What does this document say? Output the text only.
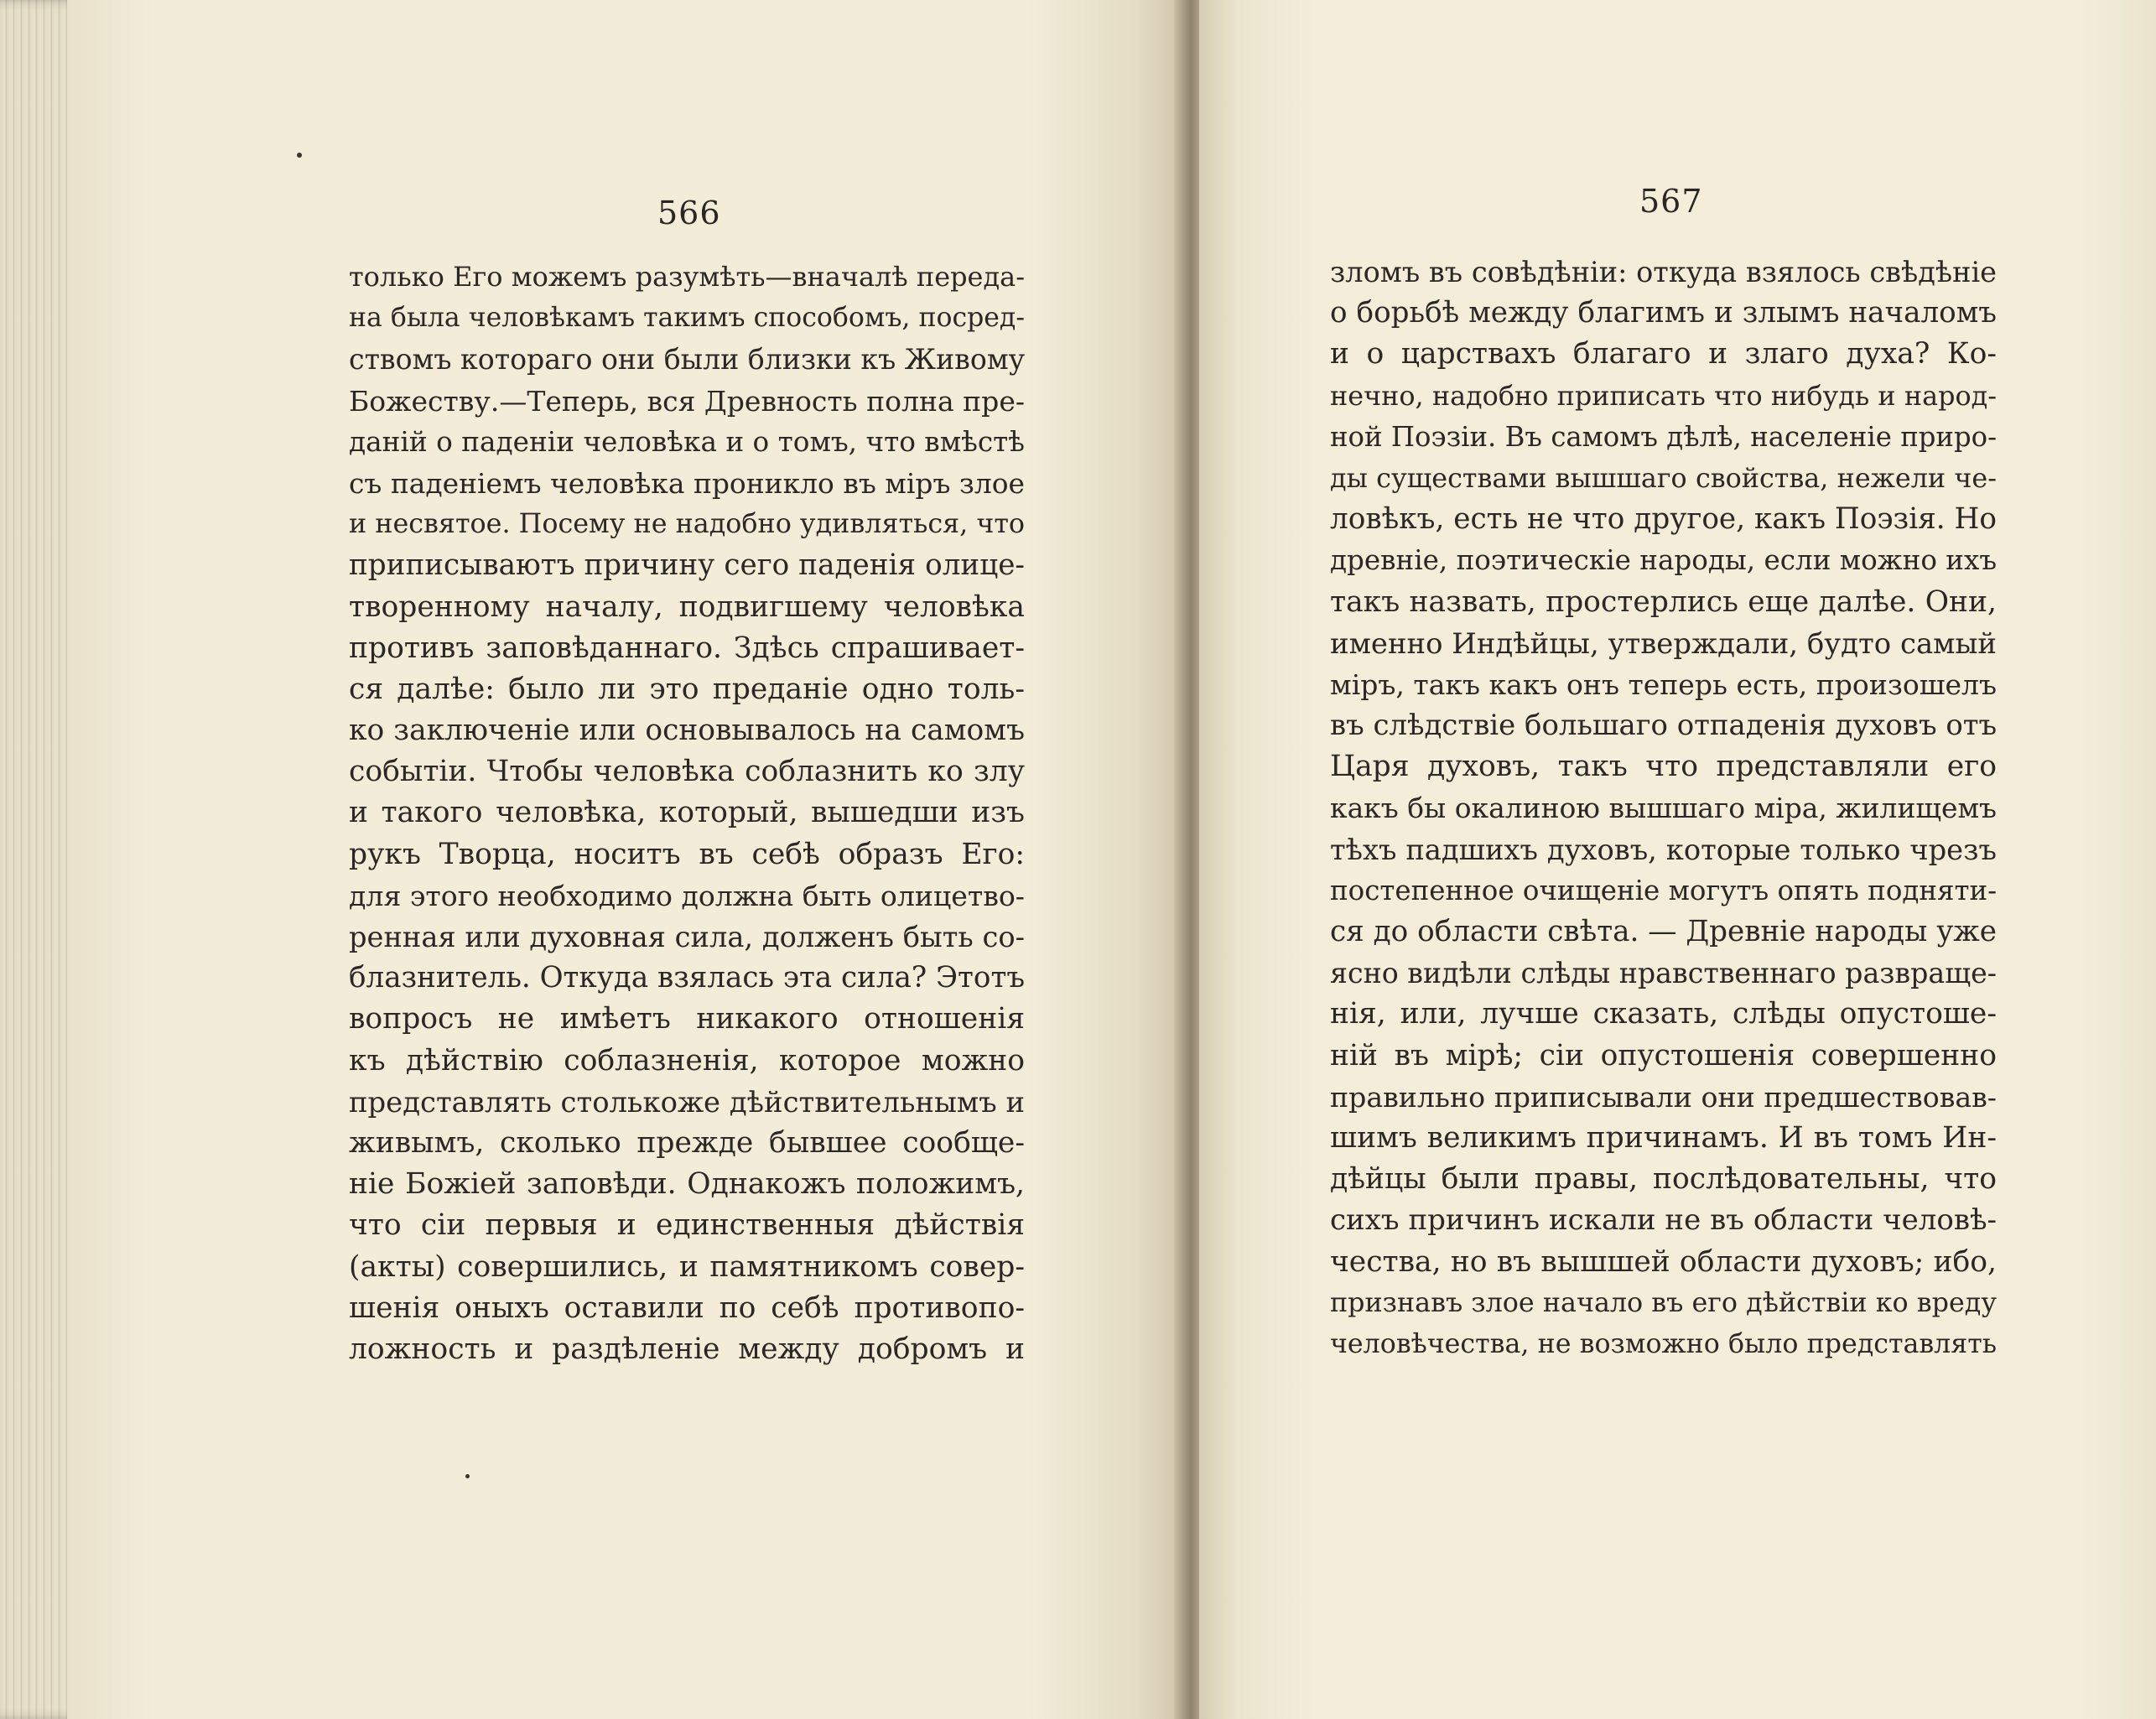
566	567
только Его можемъ разумѣть—вначалѣ переда-
на была человѣкамъ такимъ способомъ, посред-
ствомъ котораго они были близки къ Живому
Божеству.—Теперь, вся Древность полна пре-
даній о паденіи человѣка и о томъ, что вмѣстѣ
съ паденіемъ человѣка проникло въ міръ злое
и несвятое. Посему не надобно удивляться, что
приписываютъ причину сего паденія олице-
творенному началу, подвигшему человѣка
противъ заповѣданнаго. Здѣсь спрашивает-
ся далѣе: было ли это преданіе одно толь-
ко заключеніе или основывалось на самомъ
событіи. Чтобы человѣка соблазнить ко злу
и такого человѣка, который, вышедши изъ
рукъ Творца, носитъ въ себѣ образъ Его:
для этого необходимо должна быть олицетво-
ренная или духовная сила, долженъ быть со-
блазнитель. Откуда взялась эта сила? Этотъ
вопросъ не имѣетъ никакого отношенія
къ дѣйствію соблазненія, которое можно
представлять столькоже дѣйствительнымъ и
живымъ, сколько прежде бывшее сообще-
ніе Божіей заповѣди. Однакожъ положимъ,
что сіи первыя и единственныя дѣйствія
(акты) совершились, и памятникомъ совер-
шенія оныхъ оставили по себѣ противопо-
ложность и раздѣленіе между добромъ и
зломъ въ совѣдѣніи: откуда взялось свѣдѣніе
о борьбѣ между благимъ и злымъ началомъ
и о царствахъ благаго и злаго духа? Ко-
нечно, надобно приписать что нибудь и народ-
ной Поэзіи. Въ самомъ дѣлѣ, населеніе приро-
ды существами вышшаго свойства, нежели че-
ловѣкъ, есть не что другое, какъ Поэзія. Но
древніе, поэтическіе народы, если можно ихъ
такъ назвать, простерлись еще далѣе. Они,
именно Индѣйцы, утверждали, будто самый
міръ, такъ какъ онъ теперь есть, произошелъ
въ слѣдствіе большаго отпаденія духовъ отъ
Царя духовъ, такъ что представляли его
какъ бы окалиною вышшаго міра, жилищемъ
тѣхъ падшихъ духовъ, которые только чрезъ
постепенное очищеніе могутъ опять подняти-
ся до области свѣта. — Древніе народы уже
ясно видѣли слѣды нравственнаго развраще-
нія, или, лучше сказать, слѣды опустоше-
ній въ мірѣ; сіи опустошенія совершенно
правильно приписывали они предшествовав-
шимъ великимъ причинамъ. И въ томъ Ин-
дѣйцы были правы, послѣдовательны, что
сихъ причинъ искали не въ области человѣ-
чества, но въ вышшей области духовъ; ибо,
признавъ злое начало въ его дѣйствіи ко вреду
человѣчества, не возможно было представлять
